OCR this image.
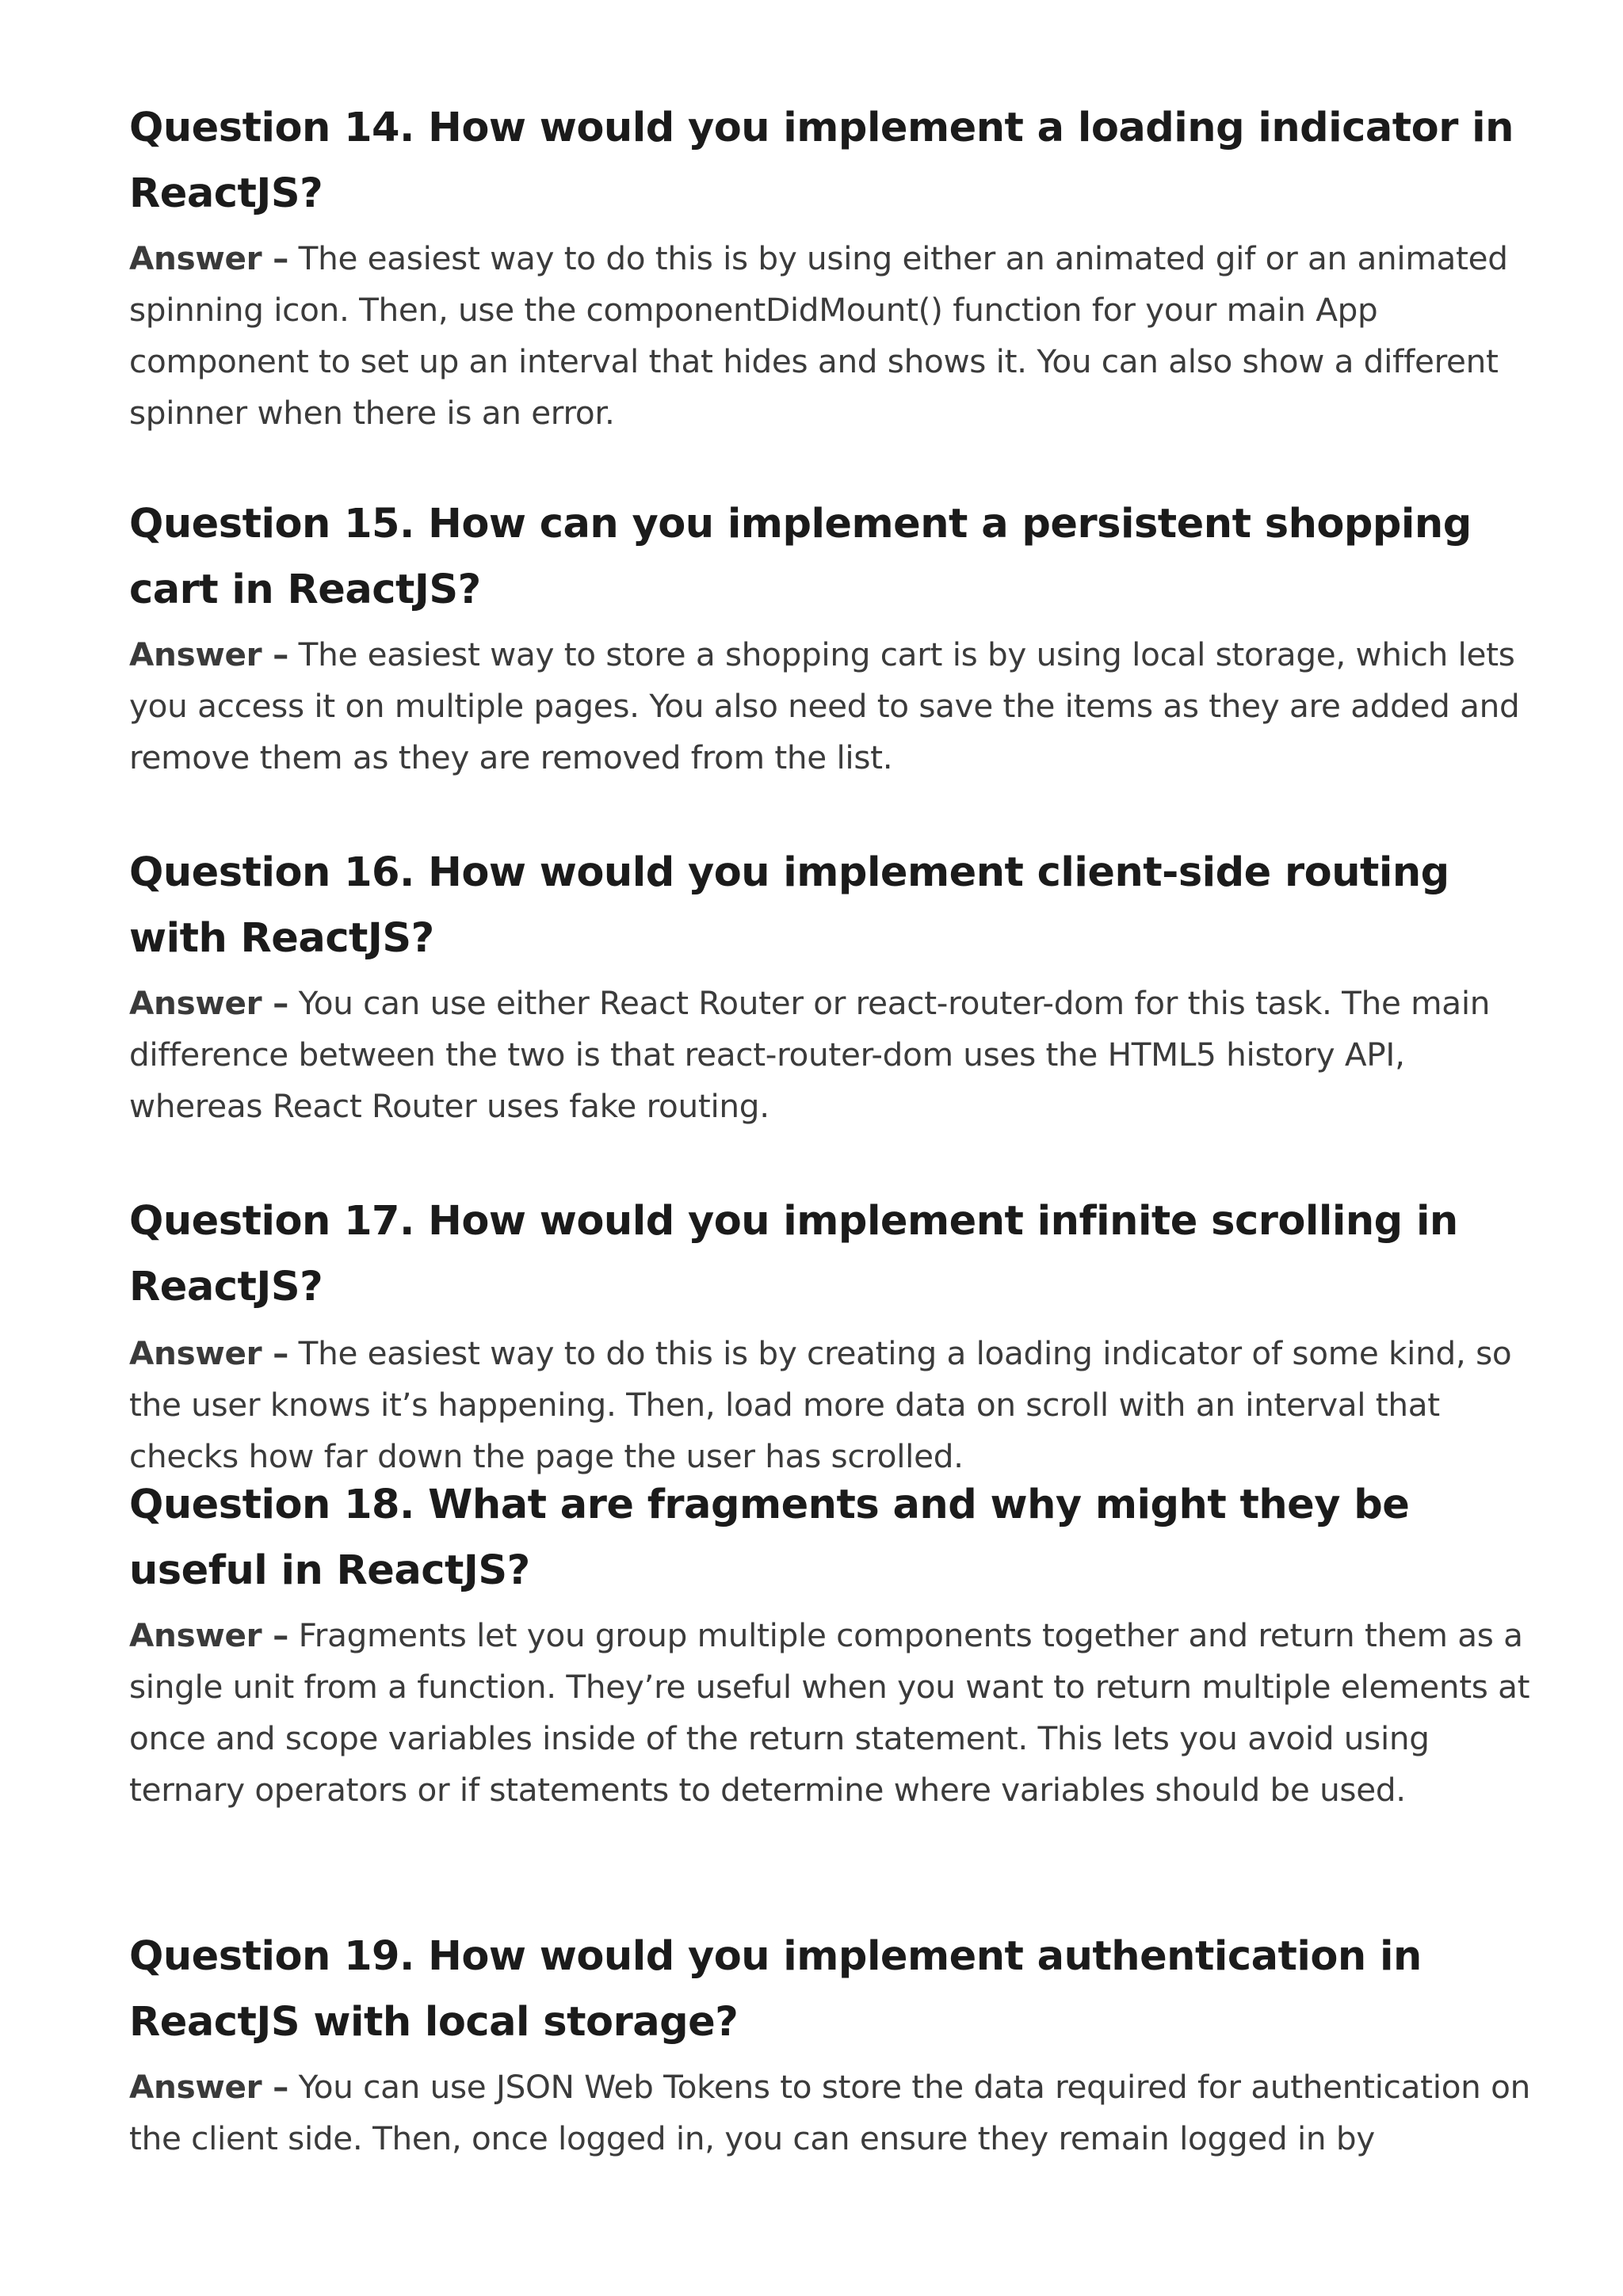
Question 14. How would you implement a loading indicator in ReactJS?

Answer – The easiest way to do this is by using either an animated gif or an animated spinning icon. Then, use the componentDidMount() function for your main App component to set up an interval that hides and shows it. You can also show a different spinner when there is an error.

Question 15. How can you implement a persistent shopping cart in ReactJS?

Answer – The easiest way to store a shopping cart is by using local storage, which lets you access it on multiple pages. You also need to save the items as they are added and remove them as they are removed from the list.

Question 16. How would you implement client-side routing with ReactJS?

Answer – You can use either React Router or react-router-dom for this task. The main difference between the two is that react-router-dom uses the HTML5 history API, whereas React Router uses fake routing.

Question 17. How would you implement infinite scrolling in ReactJS?

Answer – The easiest way to do this is by creating a loading indicator of some kind, so the user knows it’s happening. Then, load more data on scroll with an interval that checks how far down the page the user has scrolled.

Question 18. What are fragments and why might they be useful in ReactJS?

Answer – Fragments let you group multiple components together and return them as a single unit from a function. They’re useful when you want to return multiple elements at once and scope variables inside of the return statement. This lets you avoid using ternary operators or if statements to determine where variables should be used.

Question 19. How would you implement authentication in ReactJS with local storage?

Answer – You can use JSON Web Tokens to store the data required for authentication on the client side. Then, once logged in, you can ensure they remain logged in by
